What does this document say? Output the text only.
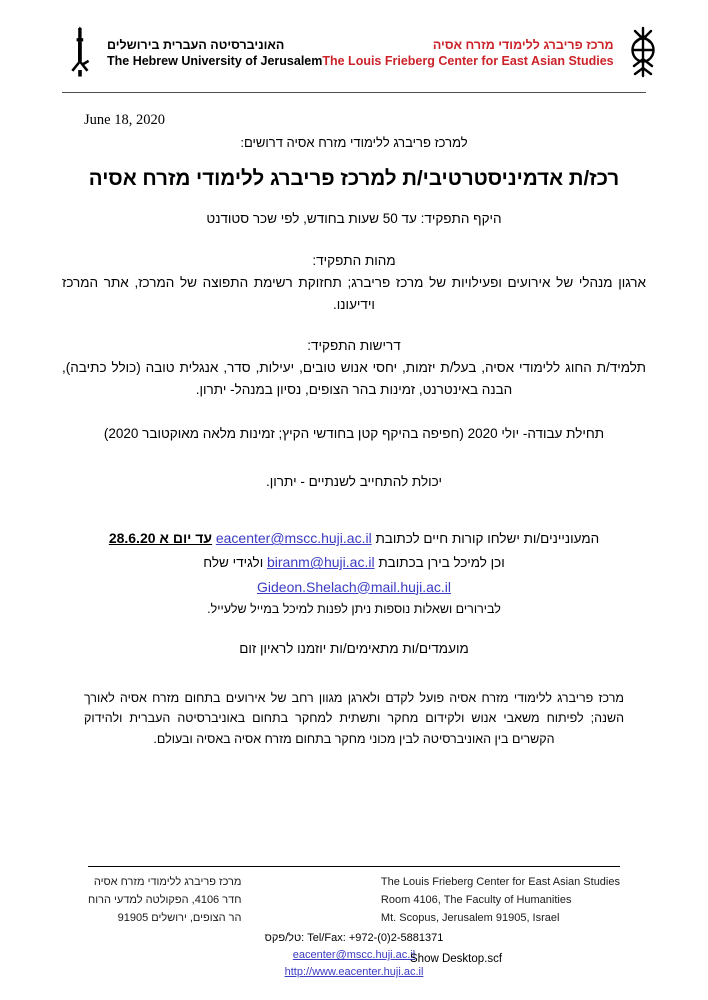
האוניברסיטה העברית בירושלים
The Hebrew University of Jerusalem
מרכז פריברג ללימודי מזרח אסיה
The Louis Frieberg Center for East Asian Studies
June 18, 2020
למרכז פריברג ללימודי מזרח אסיה דרושים:
רכז/ת אדמיניסטרטיבי/ת למרכז פריברג ללימודי מזרח אסיה
היקף התפקיד: עד 50 שעות בחודש, לפי שכר סטודנט
מהות התפקיד:

ארגון מנהלי של אירועים ופעילויות של מרכז פריברג; תחזוקת רשימת התפוצה של המרכז, אתר המרכז וידיעונו.

דרישות התפקיד:

תלמיד/ת החוג ללימודי אסיה, בעל/ת יזמות, יחסי אנוש טובים, יעילות, סדר, אנגלית טובה (כולל כתיבה), הבנה באינטרנט, זמינות בהר הצופים, נסיון במנהל- יתרון.

תחילת עבודה- יולי 2020 (חפיפה בהיקף קטן בחודשי הקיץ; זמינות מלאה מאוקטובר 2020)
יכולת להתחייב לשנתיים - יתרון.

המעוניינים/ות ישלחו קורות חיים לכתובת eacenter@mscc.huji.ac.il עד יום א 28.6.20

וכן למיכל בירן בכתובת biranm@huji.ac.il ולגידי שלח

Gideon.Shelach@mail.huji.ac.il

לבירורים ושאלות נוספות ניתן לפנות למיכל במייל שלעייל.

מועמדים/ות מתאימים/ות יוזמנו לראיון זום
מרכז פריברג ללימודי מזרח אסיה פועל לקדם ולארגן מגוון רחב של אירועים בתחום מזרח אסיה לאורך השנה; לפיתוח משאבי אנוש ולקידום מחקר ותשתית למחקר בתחום באוניברסיטה העברית ולהידוק הקשרים בין האוניברסיטה לבין מכוני מחקר בתחום מזרח אסיה באסיה ובעולם.
The Louis Frieberg Center for East Asian Studies
Room 4106, The Faculty of Humanities
Mt. Scopus, Jerusalem 91905, Israel
מרכז פריברג ללימודי מזרח אסיה
חדר 4106, הפקולטה למדעי הרוח
הר הצופים, ירושלים 91905
Tel/Fax: +972-(0)2-5881371 :טל/פקס
eacenter@mscc.huji.ac.il
http://www.eacenter.huji.ac.il
Show Desktop.scf
